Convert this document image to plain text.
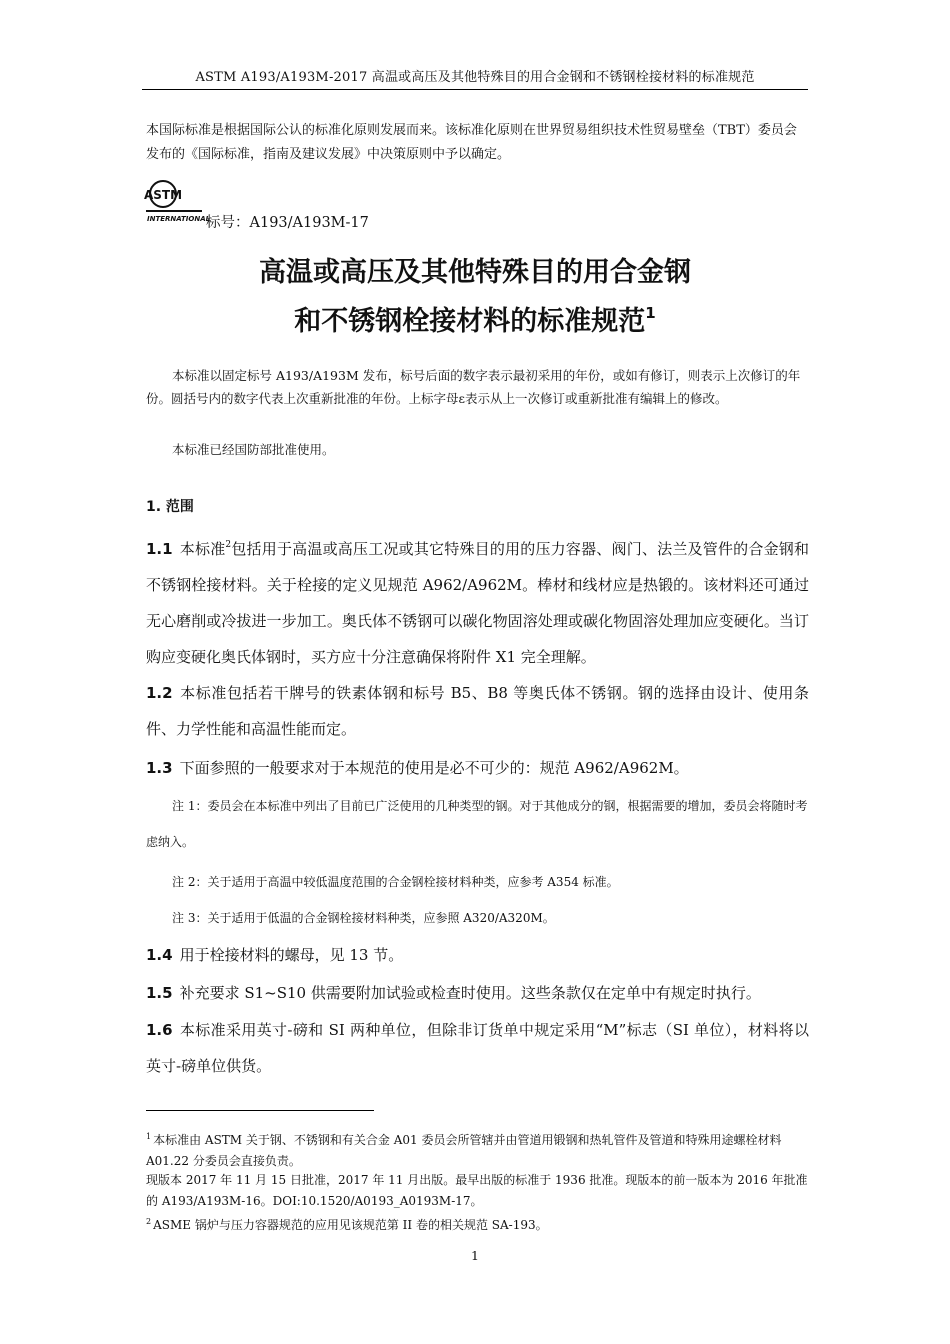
ASTM A193/A193M-2017 高温或高压及其他特殊目的用合金钢和不锈钢栓接材料的标准规范
本国际标准是根据国际公认的标准化原则发展而来。该标准化原则在世界贸易组织技术性贸易壁垒（TBT）委员会发布的《国际标准，指南及建议发展》中决策原则中予以确定。
ASTM
INTERNATIONAL
标号：A193/A193M-17
高温或高压及其他特殊目的用合金钢
和不锈钢栓接材料的标准规范$^1$
本标准以固定标号 A193/A193M 发布，标号后面的数字表示最初采用的年份，或如有修订，则表示上次修订的年份。圆括号内的数字代表上次重新批准的年份。上标字母ε表示从上一次修订或重新批准有编辑上的修改。
本标准已经国防部批准使用。
1. 范围
1.1 本标准$^2$包括用于高温或高压工况或其它特殊目的用的压力容器、阀门、法兰及管件的合金钢和不锈钢栓接材料。关于栓接的定义见规范 A962/A962M。棒材和线材应是热锻的。该材料还可通过无心磨削或冷拔进一步加工。奥氏体不锈钢可以碳化物固溶处理或碳化物固溶处理加应变硬化。当订购应变硬化奥氏体钢时，买方应十分注意确保将附件 X1 完全理解。
1.2 本标准包括若干牌号的铁素体钢和标号 B5、B8 等奥氏体不锈钢。钢的选择由设计、使用条件、力学性能和高温性能而定。
1.3 下面参照的一般要求对于本规范的使用是必不可少的：规范 A962/A962M。
注 1：委员会在本标准中列出了目前已广泛使用的几种类型的钢。对于其他成分的钢，根据需要的增加，委员会将随时考虑纳入。
注 2：关于适用于高温中较低温度范围的合金钢栓接材料种类，应参考 A354 标准。
注 3：关于适用于低温的合金钢栓接材料种类，应参照 A320/A320M。
1.4 用于栓接材料的螺母，见 13 节。
1.5 补充要求 S1~S10 供需要附加试验或检查时使用。这些条款仅在定单中有规定时执行。
1.6 本标准采用英寸-磅和 SI 两种单位，但除非订货单中规定采用“M”标志（SI 单位），材料将以英寸-磅单位供货。
$^1$ 本标准由 ASTM 关于钢、不锈钢和有关合金 A01 委员会所管辖并由管道用锻钢和热轧管件及管道和特殊用途螺栓材料 A01.22 分委员会直接负责。
现版本 2017 年 11 月 15 日批准，2017 年 11 月出版。最早出版的标准于 1936 批准。现版本的前一版本为 2016 年批准的 A193/A193M-16。DOI:10.1520/A0193_A0193M-17。
$^2$ ASME 锅炉与压力容器规范的应用见该规范第 II 卷的相关规范 SA-193。
1
